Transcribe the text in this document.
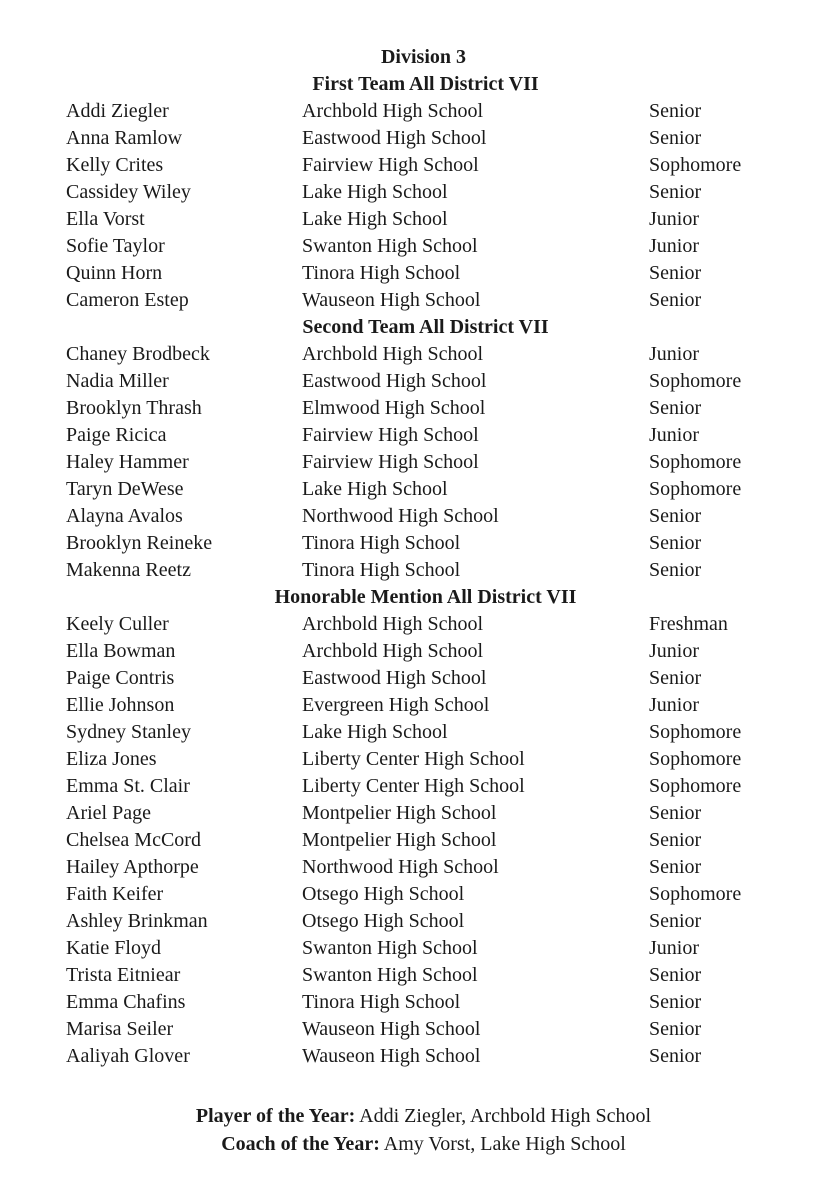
Division 3
First Team All District VII
Addi Ziegler	Archbold High School	Senior
Anna Ramlow	Eastwood High School	Senior
Kelly Crites	Fairview High School	Sophomore
Cassidey Wiley	Lake High School	Senior
Ella Vorst	Lake High School	Junior
Sofie Taylor	Swanton High School	Junior
Quinn Horn	Tinora High School	Senior
Cameron Estep	Wauseon High School	Senior
Second Team All District VII
Chaney Brodbeck	Archbold High School	Junior
Nadia Miller	Eastwood High School	Sophomore
Brooklyn Thrash	Elmwood High School	Senior
Paige Ricica	Fairview High School	Junior
Haley Hammer	Fairview High School	Sophomore
Taryn DeWese	Lake High School	Sophomore
Alayna Avalos	Northwood High School	Senior
Brooklyn Reineke	Tinora High School	Senior
Makenna Reetz	Tinora High School	Senior
Honorable Mention All District VII
Keely Culler	Archbold High School	Freshman
Ella Bowman	Archbold High School	Junior
Paige Contris	Eastwood High School	Senior
Ellie Johnson	Evergreen High School	Junior
Sydney Stanley	Lake High School	Sophomore
Eliza Jones	Liberty Center High School	Sophomore
Emma St. Clair	Liberty Center High School	Sophomore
Ariel Page	Montpelier High School	Senior
Chelsea McCord	Montpelier High School	Senior
Hailey Apthorpe	Northwood High School	Senior
Faith Keifer	Otsego High School	Sophomore
Ashley Brinkman	Otsego High School	Senior
Katie Floyd	Swanton High School	Junior
Trista Eitniear	Swanton High School	Senior
Emma Chafins	Tinora High School	Senior
Marisa Seiler	Wauseon High School	Senior
Aaliyah Glover	Wauseon High School	Senior
Player of the Year: Addi Ziegler, Archbold High School
Coach of the Year: Amy Vorst, Lake High School
